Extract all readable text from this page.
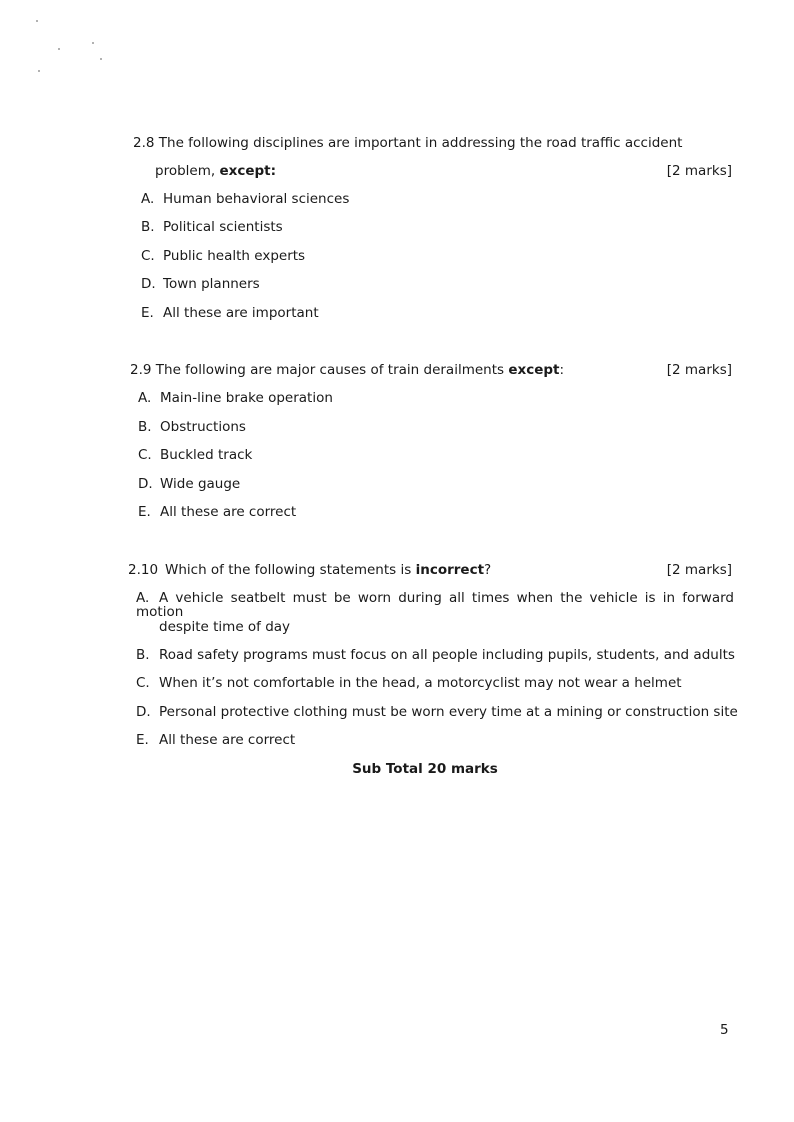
2.8 The following disciplines are important in addressing the road traffic accident
problem, except:	[2 marks]
A. Human behavioral sciences
B. Political scientists
C. Public health experts
D. Town planners
E. All these are important
2.9 The following are major causes of train derailments except:	[2 marks]
A. Main-line brake operation
B. Obstructions
C. Buckled track
D. Wide gauge
E. All these are correct
2.10 Which of the following statements is incorrect?	[2 marks]
A. A vehicle seatbelt must be worn during all times when the vehicle is in forward motion
despite time of day
B. Road safety programs must focus on all people including pupils, students, and adults
C. When it’s not comfortable in the head, a motorcyclist may not wear a helmet
D. Personal protective clothing must be worn every time at a mining or construction site
E. All these are correct
Sub Total 20 marks
5
